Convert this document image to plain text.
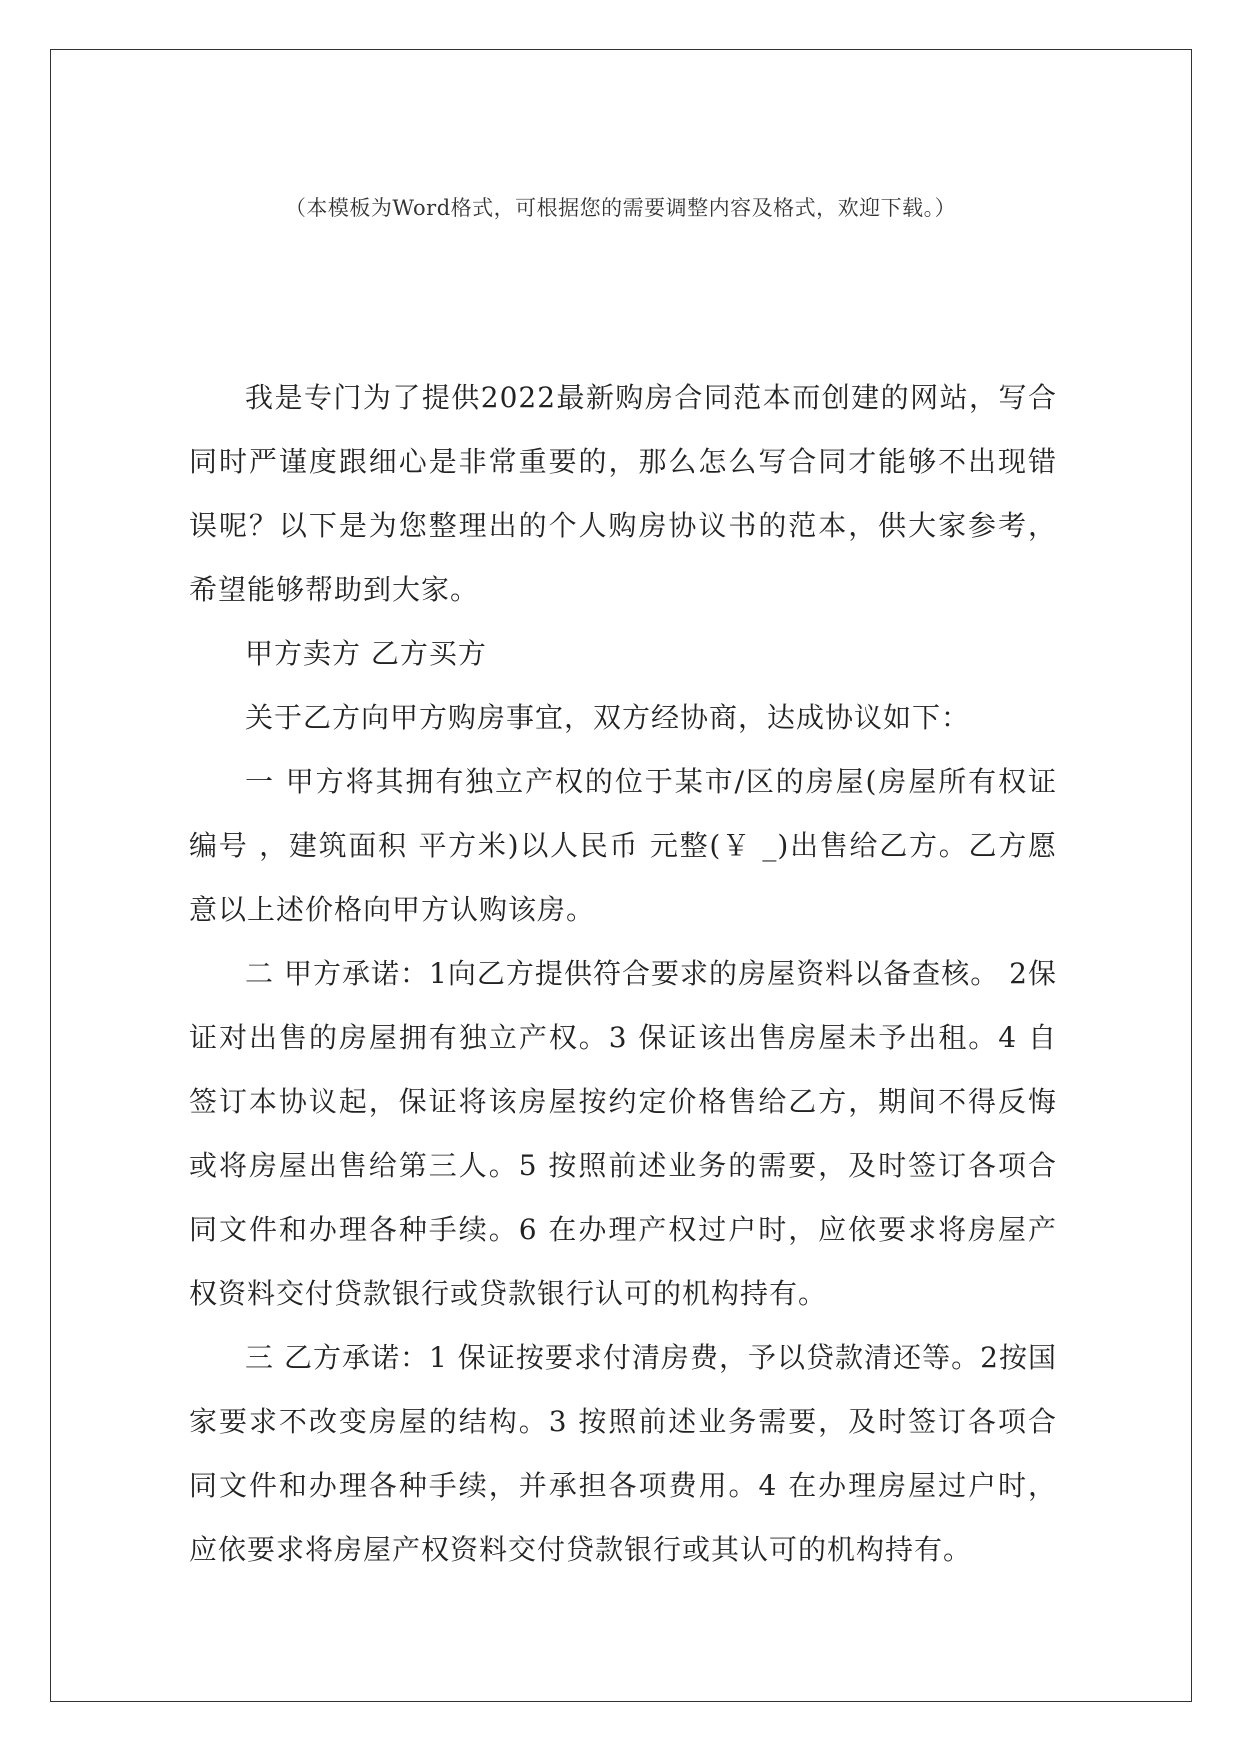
（本模板为Word格式，可根据您的需要调整内容及格式，欢迎下载。）

我是专门为了提供2022最新购房合同范本而创建的网站，写合同时严谨度跟细心是非常重要的，那么怎么写合同才能够不出现错误呢？以下是为您整理出的个人购房协议书的范本，供大家参考，希望能够帮助到大家。

甲方卖方 乙方买方

关于乙方向甲方购房事宜，双方经协商，达成协议如下：

一 甲方将其拥有独立产权的位于某市/区的房屋(房屋所有权证编号 ，建筑面积 平方米)以人民币 元整(￥ _)出售给乙方。乙方愿意以上述价格向甲方认购该房。

二 甲方承诺：1向乙方提供符合要求的房屋资料以备查核。 2保证对出售的房屋拥有独立产权。3 保证该出售房屋未予出租。4 自签订本协议起，保证将该房屋按约定价格售给乙方，期间不得反悔或将房屋出售给第三人。5 按照前述业务的需要，及时签订各项合同文件和办理各种手续。6 在办理产权过户时，应依要求将房屋产权资料交付贷款银行或贷款银行认可的机构持有。

三 乙方承诺：1 保证按要求付清房费，予以贷款清还等。2按国家要求不改变房屋的结构。3 按照前述业务需要，及时签订各项合同文件和办理各种手续，并承担各项费用。4 在办理房屋过户时，应依要求将房屋产权资料交付贷款银行或其认可的机构持有。
